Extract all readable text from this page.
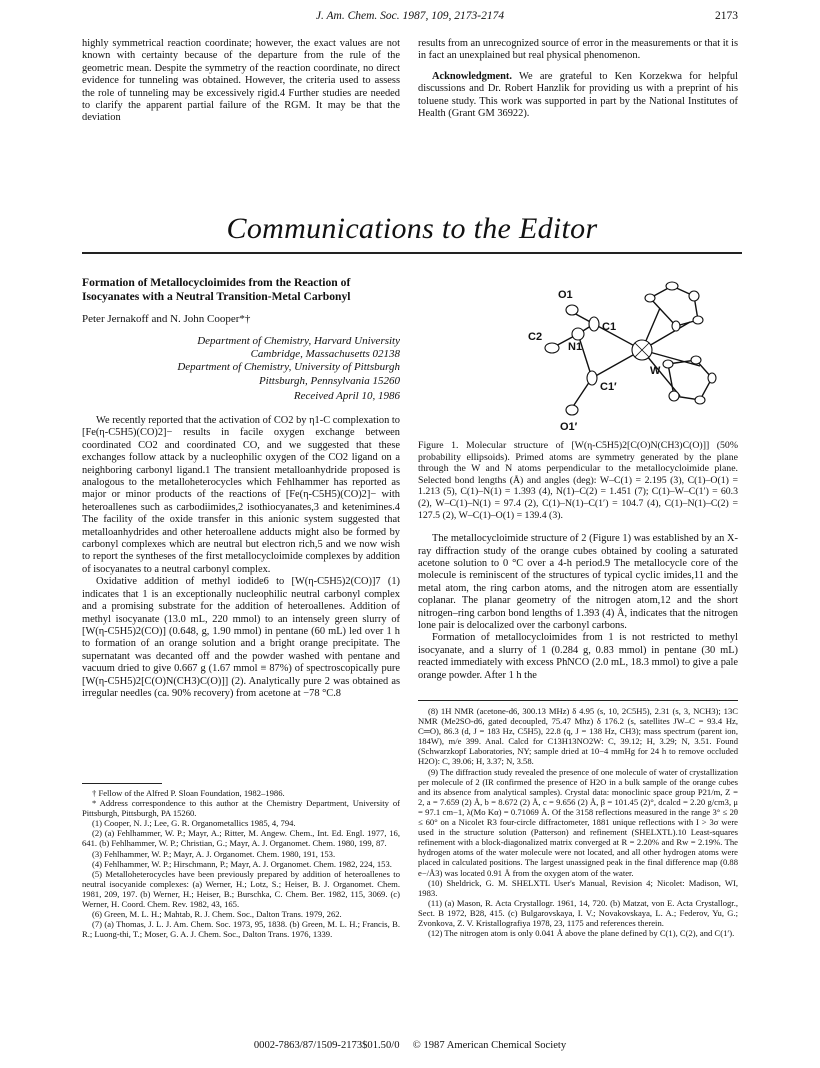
J. Am. Chem. Soc. 1987, 109, 2173-2174	2173

highly symmetrical reaction coordinate; however, the exact values are not known with certainty because of the departure from the rule of the geometric mean. Despite the symmetry of the reaction coordinate, no direct evidence for tunneling was obtained. However, the criteria used to assess the role of tunneling may be excessively rigid.4 Further studies are needed to clarify the apparent partial failure of the RGM. It may be that the deviation

results from an unrecognized source of error in the measurements or that it is in fact an unexplained but real physical phenomenon.

Acknowledgment. We are grateful to Ken Korzekwa for helpful discussions and Dr. Robert Hanzlik for providing us with a preprint of his toluene study. This work was supported in part by the National Institutes of Health (Grant GM 36922).

Communications to the Editor
Formation of Metallocycloimides from the Reaction of Isocyanates with a Neutral Transition-Metal Carbonyl
Peter Jernakoff and N. John Cooper*†
Department of Chemistry, Harvard University
Cambridge, Massachusetts 02138
Department of Chemistry, University of Pittsburgh
Pittsburgh, Pennsylvania 15260
Received April 10, 1986

We recently reported that the activation of CO2 by η1-C complexation to [Fe(η-C5H5)(CO)2]− results in facile oxygen exchange between coordinated CO2 and coordinated CO, and we suggested that these exchanges follow attack by a nucleophilic oxygen of the CO2 ligand on a neighboring carbonyl ligand.1 The transient metalloanhydride proposed is analogous to the metalloheterocycles which Fehlhammer has reported as major or minor products of the reactions of [Fe(η-C5H5)(CO)2]− with heteroallenes such as carbodiimides,2 isothiocyanates,3 and ketenimines.4 The facility of the oxide transfer in this anionic system suggested that metalloanhydrides and other heteroallene adducts might also be formed by carbonyl complexes which are neutral but electron rich,5 and we now wish to report the syntheses of the first metallocycloimide complexes by addition of isocyanates to a neutral carbonyl complex.

Oxidative addition of methyl iodide6 to [W(η-C5H5)2(CO)]7 (1) indicates that 1 is an exceptionally nucleophilic neutral carbonyl complex and a promising substrate for the addition of heteroallenes. Addition of methyl isocyanate (13.0 mL, 220 mmol) to an intensely green slurry of [W(η-C5H5)2(CO)] (0.648, g, 1.90 mmol) in pentane (60 mL) led over 1 h to formation of an orange solution and a bright orange precipitate. The supernatant was decanted off and the powder washed with pentane and vacuum dried to give 0.667 g (1.67 mmol ≡ 87%) of spectroscopically pure [W(η-C5H5)2[C(O)N(CH3)C(O)]] (2). Analytically pure 2 was obtained as irregular needles (ca. 90% recovery) from acetone at −78 °C.8

† Fellow of the Alfred P. Sloan Foundation, 1982–1986.

* Address correspondence to this author at the Chemistry Department, University of Pittsburgh, Pittsburgh, PA 15260.

(1) Cooper, N. J.; Lee, G. R. Organometallics 1985, 4, 794.

(2) (a) Fehlhammer, W. P.; Mayr, A.; Ritter, M. Angew. Chem., Int. Ed. Engl. 1977, 16, 641. (b) Fehlhammer, W. P.; Christian, G.; Mayr, A. J. Organomet. Chem. 1980, 199, 87.

(3) Fehlhammer, W. P.; Mayr, A. J. Organomet. Chem. 1980, 191, 153.

(4) Fehlhammer, W. P.; Hirschmann, P.; Mayr, A. J. Organomet. Chem. 1982, 224, 153.

(5) Metalloheterocycles have been previously prepared by addition of heteroallenes to neutral isocyanide complexes: (a) Werner, H.; Lotz, S.; Heiser, B. J. Organomet. Chem. 1981, 209, 197. (b) Werner, H.; Heiser, B.; Burschka, C. Chem. Ber. 1982, 115, 3069. (c) Werner, H. Coord. Chem. Rev. 1982, 43, 165.

(6) Green, M. L. H.; Mahtab, R. J. Chem. Soc., Dalton Trans. 1979, 262.

(7) (a) Thomas, J. L. J. Am. Chem. Soc. 1973, 95, 1838. (b) Green, M. L. H.; Francis, B. R.; Luong-thi, T.; Moser, G. A. J. Chem. Soc., Dalton Trans. 1976, 1339.

O1
C2
N1
C1
W
C1′
O1′
Figure 1. Molecular structure of [W(η-C5H5)2[C(O)N(CH3)C(O)]] (50% probability ellipsoids). Primed atoms are symmetry generated by the plane through the W and N atoms perpendicular to the metallocycloimide plane. Selected bond lengths (Å) and angles (deg): W–C(1) = 2.195 (3), C(1)–O(1) = 1.213 (5), C(1)–N(1) = 1.393 (4), N(1)–C(2) = 1.451 (7); C(1)–W–C(1′) = 60.3 (2), W–C(1)–N(1) = 97.4 (2), C(1)–N(1)–C(1′) = 104.7 (4), C(1)–N(1)–C(2) = 127.5 (2), W–C(1)–O(1) = 139.4 (3).

The metallocycloimide structure of 2 (Figure 1) was established by an X-ray diffraction study of the orange cubes obtained by cooling a saturated acetone solution to 0 °C over a 4-h period.9 The metallocycle core of the molecule is reminiscent of the structures of typical cyclic imides,11 and the metal atom, the ring carbon atoms, and the nitrogen atom are essentially coplanar. The planar geometry of the nitrogen atom,12 and the short nitrogen–ring carbon bond lengths of 1.393 (4) Å, indicates that the nitrogen lone pair is delocalized over the carbonyl carbons.

Formation of metallocycloimides from 1 is not restricted to methyl isocyanate, and a slurry of 1 (0.284 g, 0.83 mmol) in pentane (30 mL) reacted immediately with excess PhNCO (2.0 mL, 18.3 mmol) to give a pale orange powder. After 1 h the

(8) 1H NMR (acetone-d6, 300.13 MHz) δ 4.95 (s, 10, 2C5H5), 2.31 (s, 3, NCH3); 13C NMR (Me2SO-d6, gated decoupled, 75.47 Mhz) δ 176.2 (s, satellites JW–C = 93.4 Hz, C═O), 86.3 (d, J = 183 Hz, C5H5), 22.8 (q, J = 138 Hz, CH3); mass spectrum (parent ion, 184W), m/e 399. Anal. Calcd for C13H13NO2W: C, 39.12; H, 3.29; N, 3.51. Found (Schwarzkopf Laboratories, NY; sample dried at 10−4 mmHg for 24 h to remove occluded H2O): C, 39.06; H, 3.37; N, 3.58.

(9) The diffraction study revealed the presence of one molecule of water of crystallization per molecule of 2 (IR confirmed the presence of H2O in a bulk sample of the orange cubes and its absence from analytical samples). Crystal data: monoclinic space group P21/m, Z = 2, a = 7.659 (2) Å, b = 8.672 (2) Å, c = 9.656 (2) Å, β = 101.45 (2)°, dcalcd = 2.20 g/cm3, μ = 97.1 cm−1, λ(Mo Kα) = 0.71069 Å. Of the 3158 reflections measured in the range 3° ≤ 2θ ≤ 60° on a Nicolet R3 four-circle diffractometer, 1881 unique reflections with I > 3σ were used in the structure solution (Patterson) and refinement (SHELXTL).10 Least-squares refinement with a block-diagonalized matrix converged at R = 2.20% and Rw = 2.19%. The hydrogen atoms of the water molecule were not located, and all other hydrogen atoms were placed in calculated positions. The largest unassigned peak in the final difference map (0.88 e−/Å3) was located 0.91 Å from the oxygen atom of the water.

(10) Sheldrick, G. M. SHELXTL User's Manual, Revision 4; Nicolet: Madison, WI, 1983.

(11) (a) Mason, R. Acta Crystallogr. 1961, 14, 720. (b) Matzat, von E. Acta Crystallogr., Sect. B 1972, B28, 415. (c) Bulgarovskaya, I. V.; Novakovskaya, L. A.; Federov, Yu, G.; Zvonkova, Z. V. Kristallografiya 1978, 23, 1175 and references therein.

(12) The nitrogen atom is only 0.041 Å above the plane defined by C(1), C(2), and C(1′).

0002-7863/87/1509-2173$01.50/0 © 1987 American Chemical Society
